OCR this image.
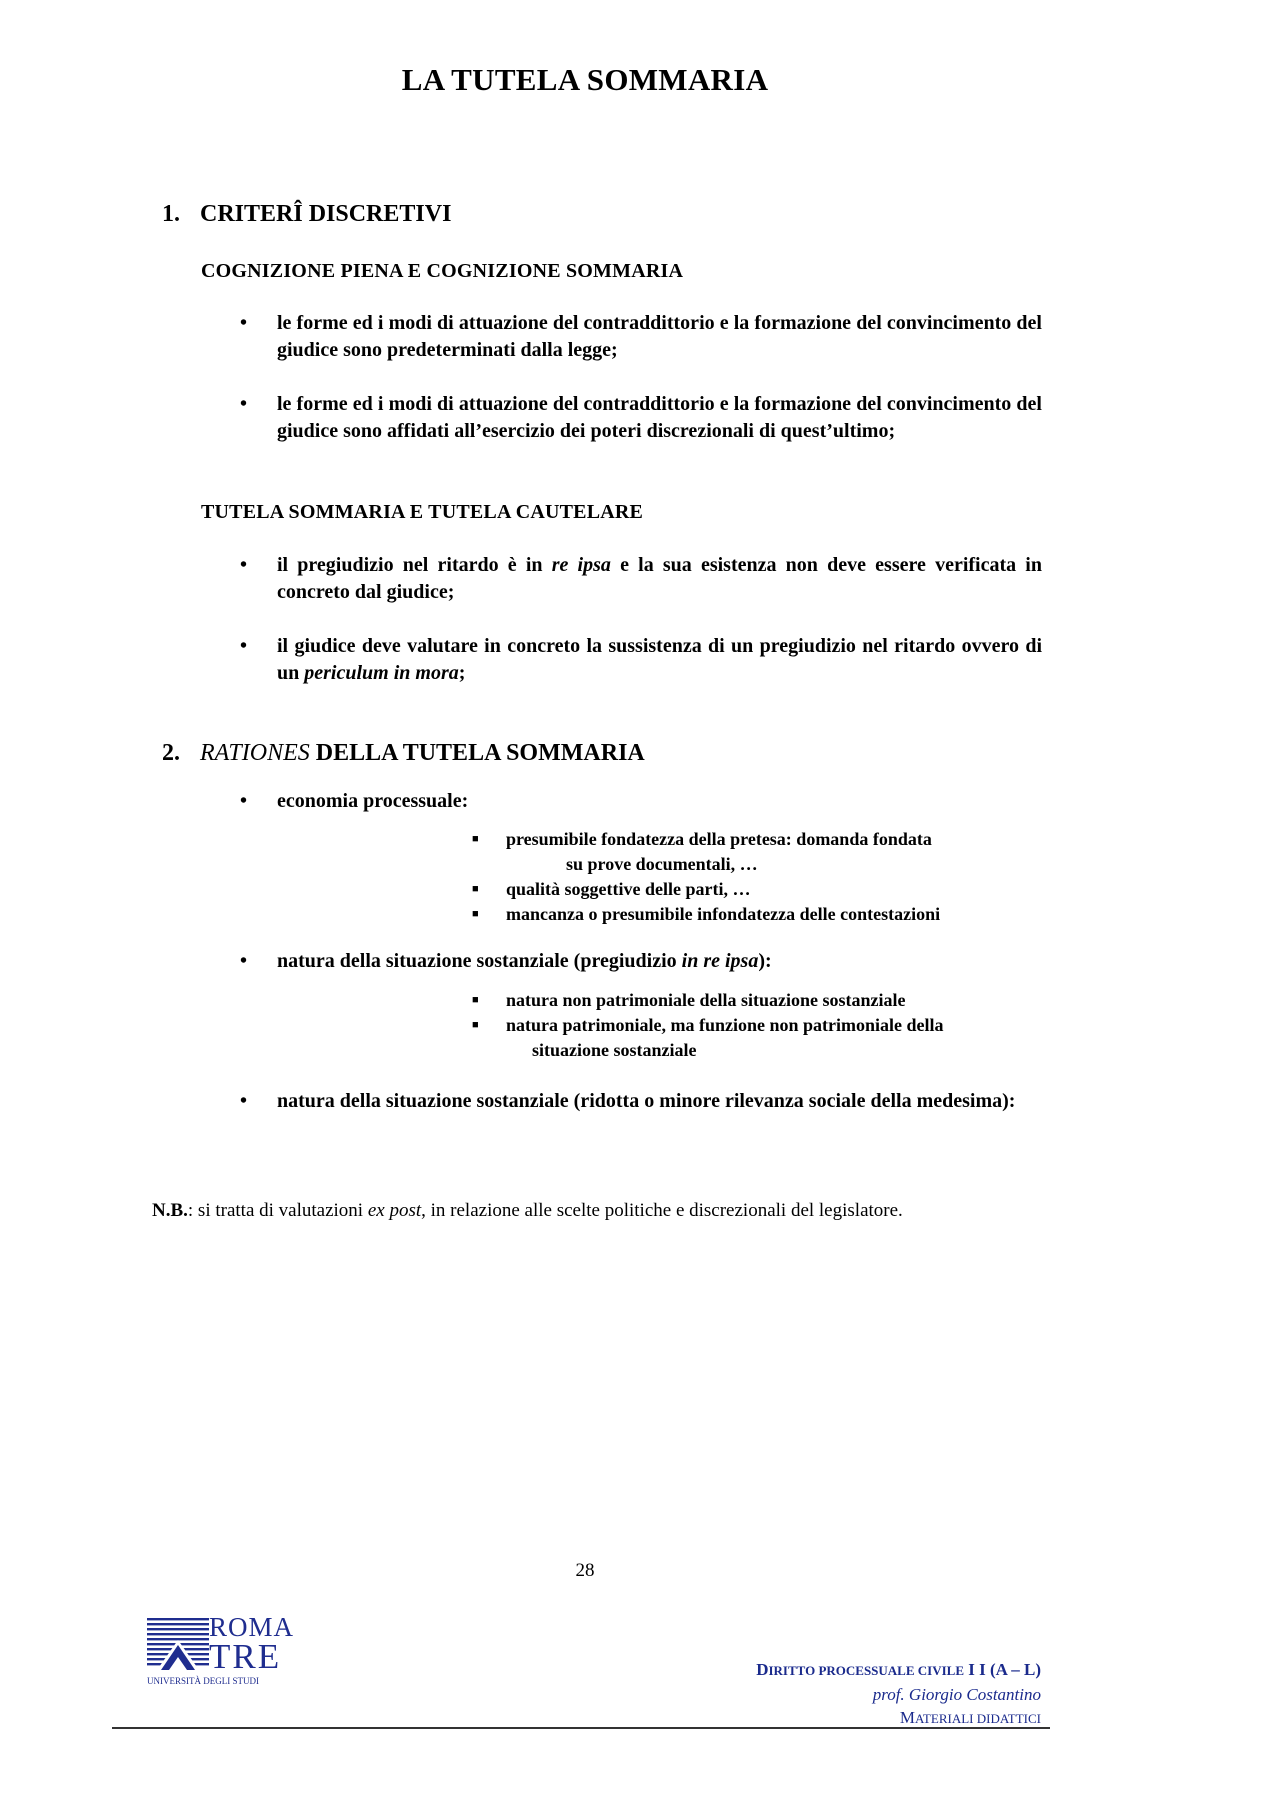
LA TUTELA SOMMARIA
1. CRITERÎ DISCRETIVI
COGNIZIONE PIENA E COGNIZIONE SOMMARIA
•	le forme ed i modi di attuazione del contraddittorio e la formazione del convincimento del giudice sono predeterminati dalla legge;
•	le forme ed i modi di attuazione del contraddittorio e la formazione del convincimento del giudice sono affidati all’esercizio dei poteri discrezionali di quest’ultimo;
TUTELA SOMMARIA E TUTELA CAUTELARE
•	il pregiudizio nel ritardo è in re ipsa e la sua esistenza non deve essere verificata in concreto dal giudice;
•	il giudice deve valutare in concreto la sussistenza di un pregiudizio nel ritardo ovvero di un periculum in mora;
2. RATIONES DELLA TUTELA SOMMARIA
•	economia processuale:
■ presumibile fondatezza della pretesa: domanda fondata
su prove documentali, …
■ qualità soggettive delle parti, …
■ mancanza o presumibile infondatezza delle contestazioni
•	natura della situazione sostanziale (pregiudizio in re ipsa):
■ natura non patrimoniale della situazione sostanziale
■ natura patrimoniale, ma funzione non patrimoniale della
situazione sostanziale
•	natura della situazione sostanziale (ridotta o minore rilevanza sociale della medesima):
N.B.: si tratta di valutazioni ex post, in relazione alle scelte politiche e discrezionali del legislatore.
28
ROMA
TRE
UNIVERSITÀ DEGLI STUDI
DIRITTO PROCESSUALE CIVILE I I (A – L)
prof. Giorgio Costantino
MATERIALI DIDATTICI
